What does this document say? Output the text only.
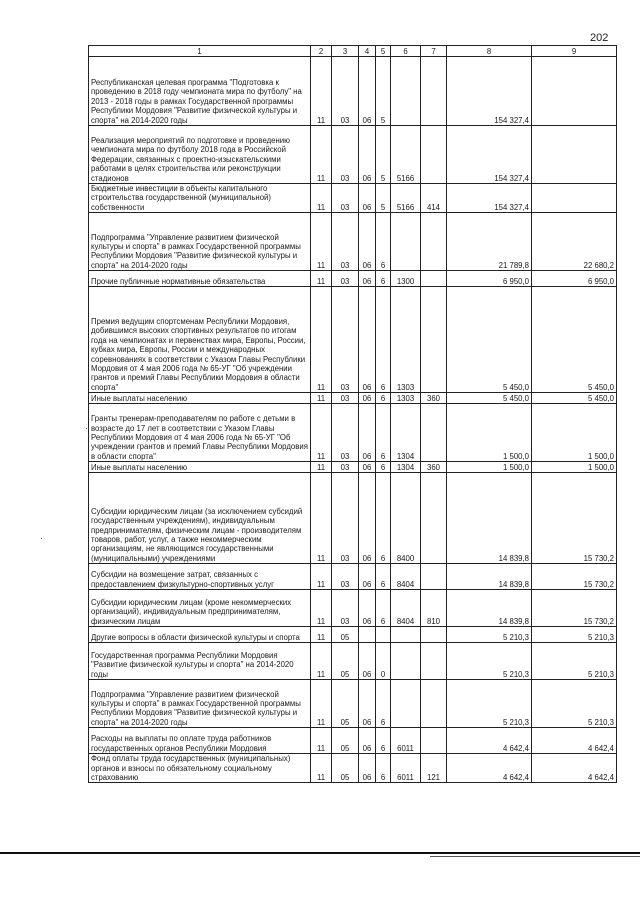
202
1	2	3	4	5	6	7	8	9
Республиканская целевая программа "Подготовка к проведению в 2018 году чемпионата мира по футболу" на 2013 - 2018 годы в рамках Государственной программы Республики Мордовия "Развитие физической культуры и спорта" на 2014-2020 годы	11	03	06	5			154 327,4	
Реализация мероприятий по подготовке и проведению чемпионата мира по футболу 2018 года в Российской Федерации, связанных с проектно-изыскательскими работами в целях строительства или реконструкции стадионов	11	03	06	5	5166		154 327,4	
Бюджетные инвестиции в объекты капитального строительства государственной (муниципальной) собственности	11	03	06	5	5166	414	154 327,4	
Подпрограмма "Управление развитием физической культуры и спорта" в рамках Государственной программы Республики Мордовия "Развитие физической культуры и спорта" на 2014-2020 годы	11	03	06	6			21 789,8	22 680,2
Прочие публичные нормативные обязательства	11	03	06	6	1300		6 950,0	6 950,0
Премия ведущим спортсменам Республики Мордовия, добившимся высоких спортивных результатов по итогам года на чемпионатах и первенствах мира, Европы, России, кубках мира, Европы, России и международных соревнованиях в соответствии с Указом Главы Республики Мордовия от 4 мая 2006 года № 65-УГ "Об учреждении грантов и премий Главы Республики Мордовия в области спорта"	11	03	06	6	1303		5 450,0	5 450,0
Иные выплаты населению	11	03	06	6	1303	360	5 450,0	5 450,0
Гранты тренерам-преподавателям по работе с детьми в возрасте до 17 лет в соответствии с Указом Главы Республики Мордовия от 4 мая 2006 года № 65-УГ "Об учреждении грантов и премий Главы Республики Мордовия в области спорта"	11	03	06	6	1304		1 500,0	1 500,0
Иные выплаты населению	11	03	06	6	1304	360	1 500,0	1 500,0
Субсидии юридическим лицам (за исключением субсидий государственным учреждениям), индивидуальным предпринимателям, физическим лицам - производителям товаров, работ, услуг, а также некоммерческим организациям, не являющимся государственными (муниципальными) учреждениями	11	03	06	6	8400		14 839,8	15 730,2
Субсидии на возмещение затрат, связанных с предоставлением физкультурно-спортивных услуг	11	03	06	6	8404		14 839,8	15 730,2
Субсидии юридическим лицам (кроме некоммерческих организаций), индивидуальным предпринимателям, физическим лицам	11	03	06	6	8404	810	14 839,8	15 730,2
Другие вопросы в области физической культуры и спорта	11	05					5 210,3	5 210,3
Государственная программа Республики Мордовия "Развитие физической культуры и спорта" на 2014-2020 годы	11	05	06	0			5 210,3	5 210,3
Подпрограмма "Управление развитием физической культуры и спорта" в рамках Государственной программы Республики Мордовия "Развитие физической культуры и спорта" на 2014-2020 годы	11	05	06	6			5 210,3	5 210,3
Расходы на выплаты по оплате труда работников государственных органов Республики Мордовия	11	05	06	6	6011		4 642,4	4 642,4
Фонд оплаты труда государственных (муниципальных) органов и взносы по обязательному социальному страхованию	11	05	06	6	6011	121	4 642,4	4 642,4
·
·
